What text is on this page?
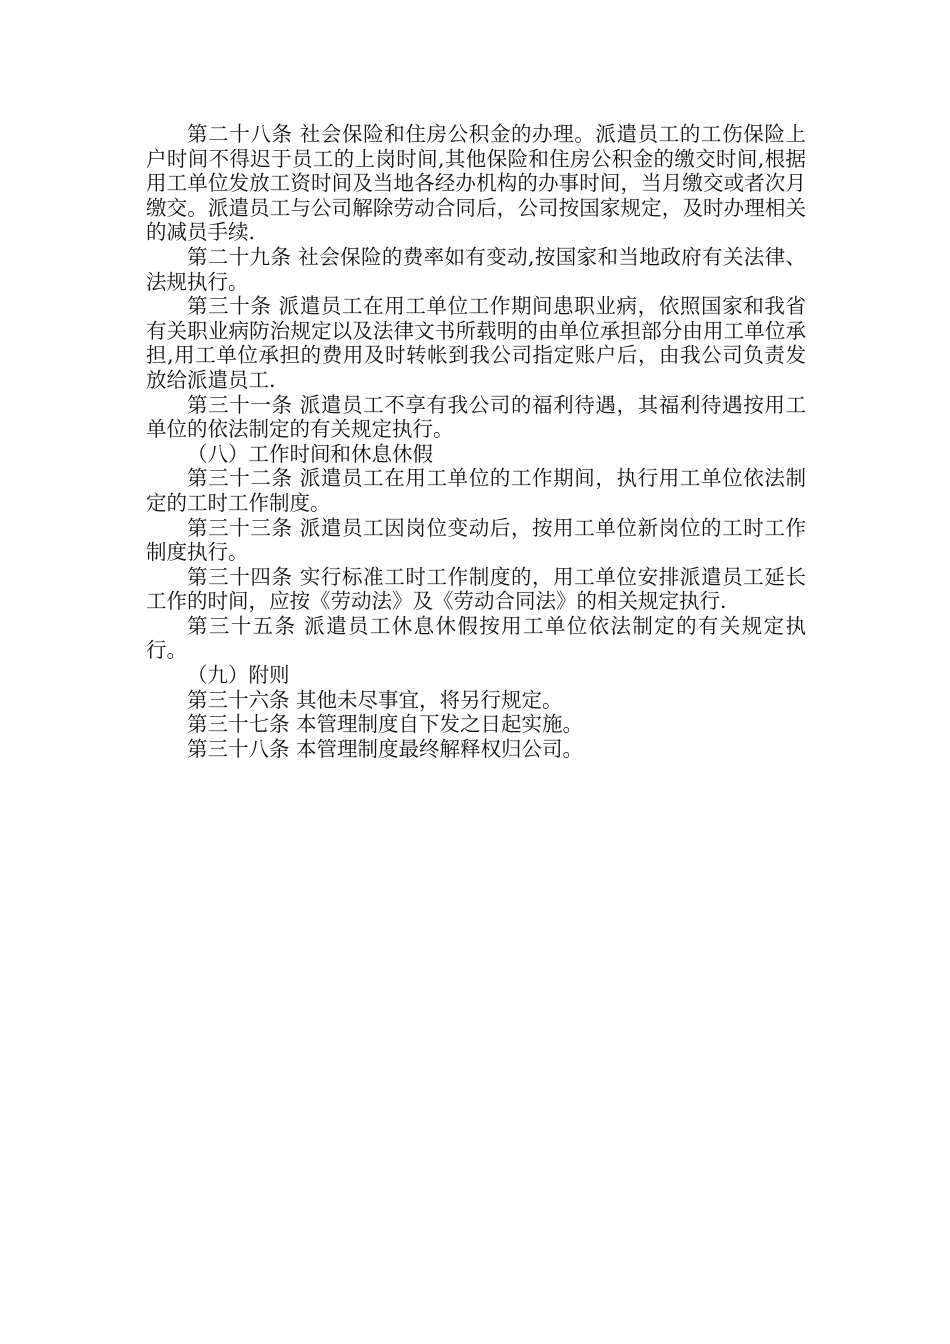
第二十八条 社会保险和住房公积金的办理。派遣员工的工伤保险上户时间不得迟于员工的上岗时间,其他保险和住房公积金的缴交时间,根据用工单位发放工资时间及当地各经办机构的办事时间，当月缴交或者次月缴交。派遣员工与公司解除劳动合同后，公司按国家规定，及时办理相关的减员手续.

第二十九条 社会保险的费率如有变动,按国家和当地政府有关法律、法规执行。

第三十条 派遣员工在用工单位工作期间患职业病，依照国家和我省有关职业病防治规定以及法律文书所载明的由单位承担部分由用工单位承担,用工单位承担的费用及时转帐到我公司指定账户后，由我公司负责发放给派遣员工.

第三十一条 派遣员工不享有我公司的福利待遇，其福利待遇按用工单位的依法制定的有关规定执行。

（八）工作时间和休息休假

第三十二条 派遣员工在用工单位的工作期间，执行用工单位依法制定的工时工作制度。

第三十三条 派遣员工因岗位变动后，按用工单位新岗位的工时工作制度执行。

第三十四条 实行标准工时工作制度的，用工单位安排派遣员工延长工作的时间，应按《劳动法》及《劳动合同法》的相关规定执行.

第三十五条 派遣员工休息休假按用工单位依法制定的有关规定执行。

（九）附则

第三十六条 其他未尽事宜，将另行规定。

第三十七条 本管理制度自下发之日起实施。

第三十八条 本管理制度最终解释权归公司。
